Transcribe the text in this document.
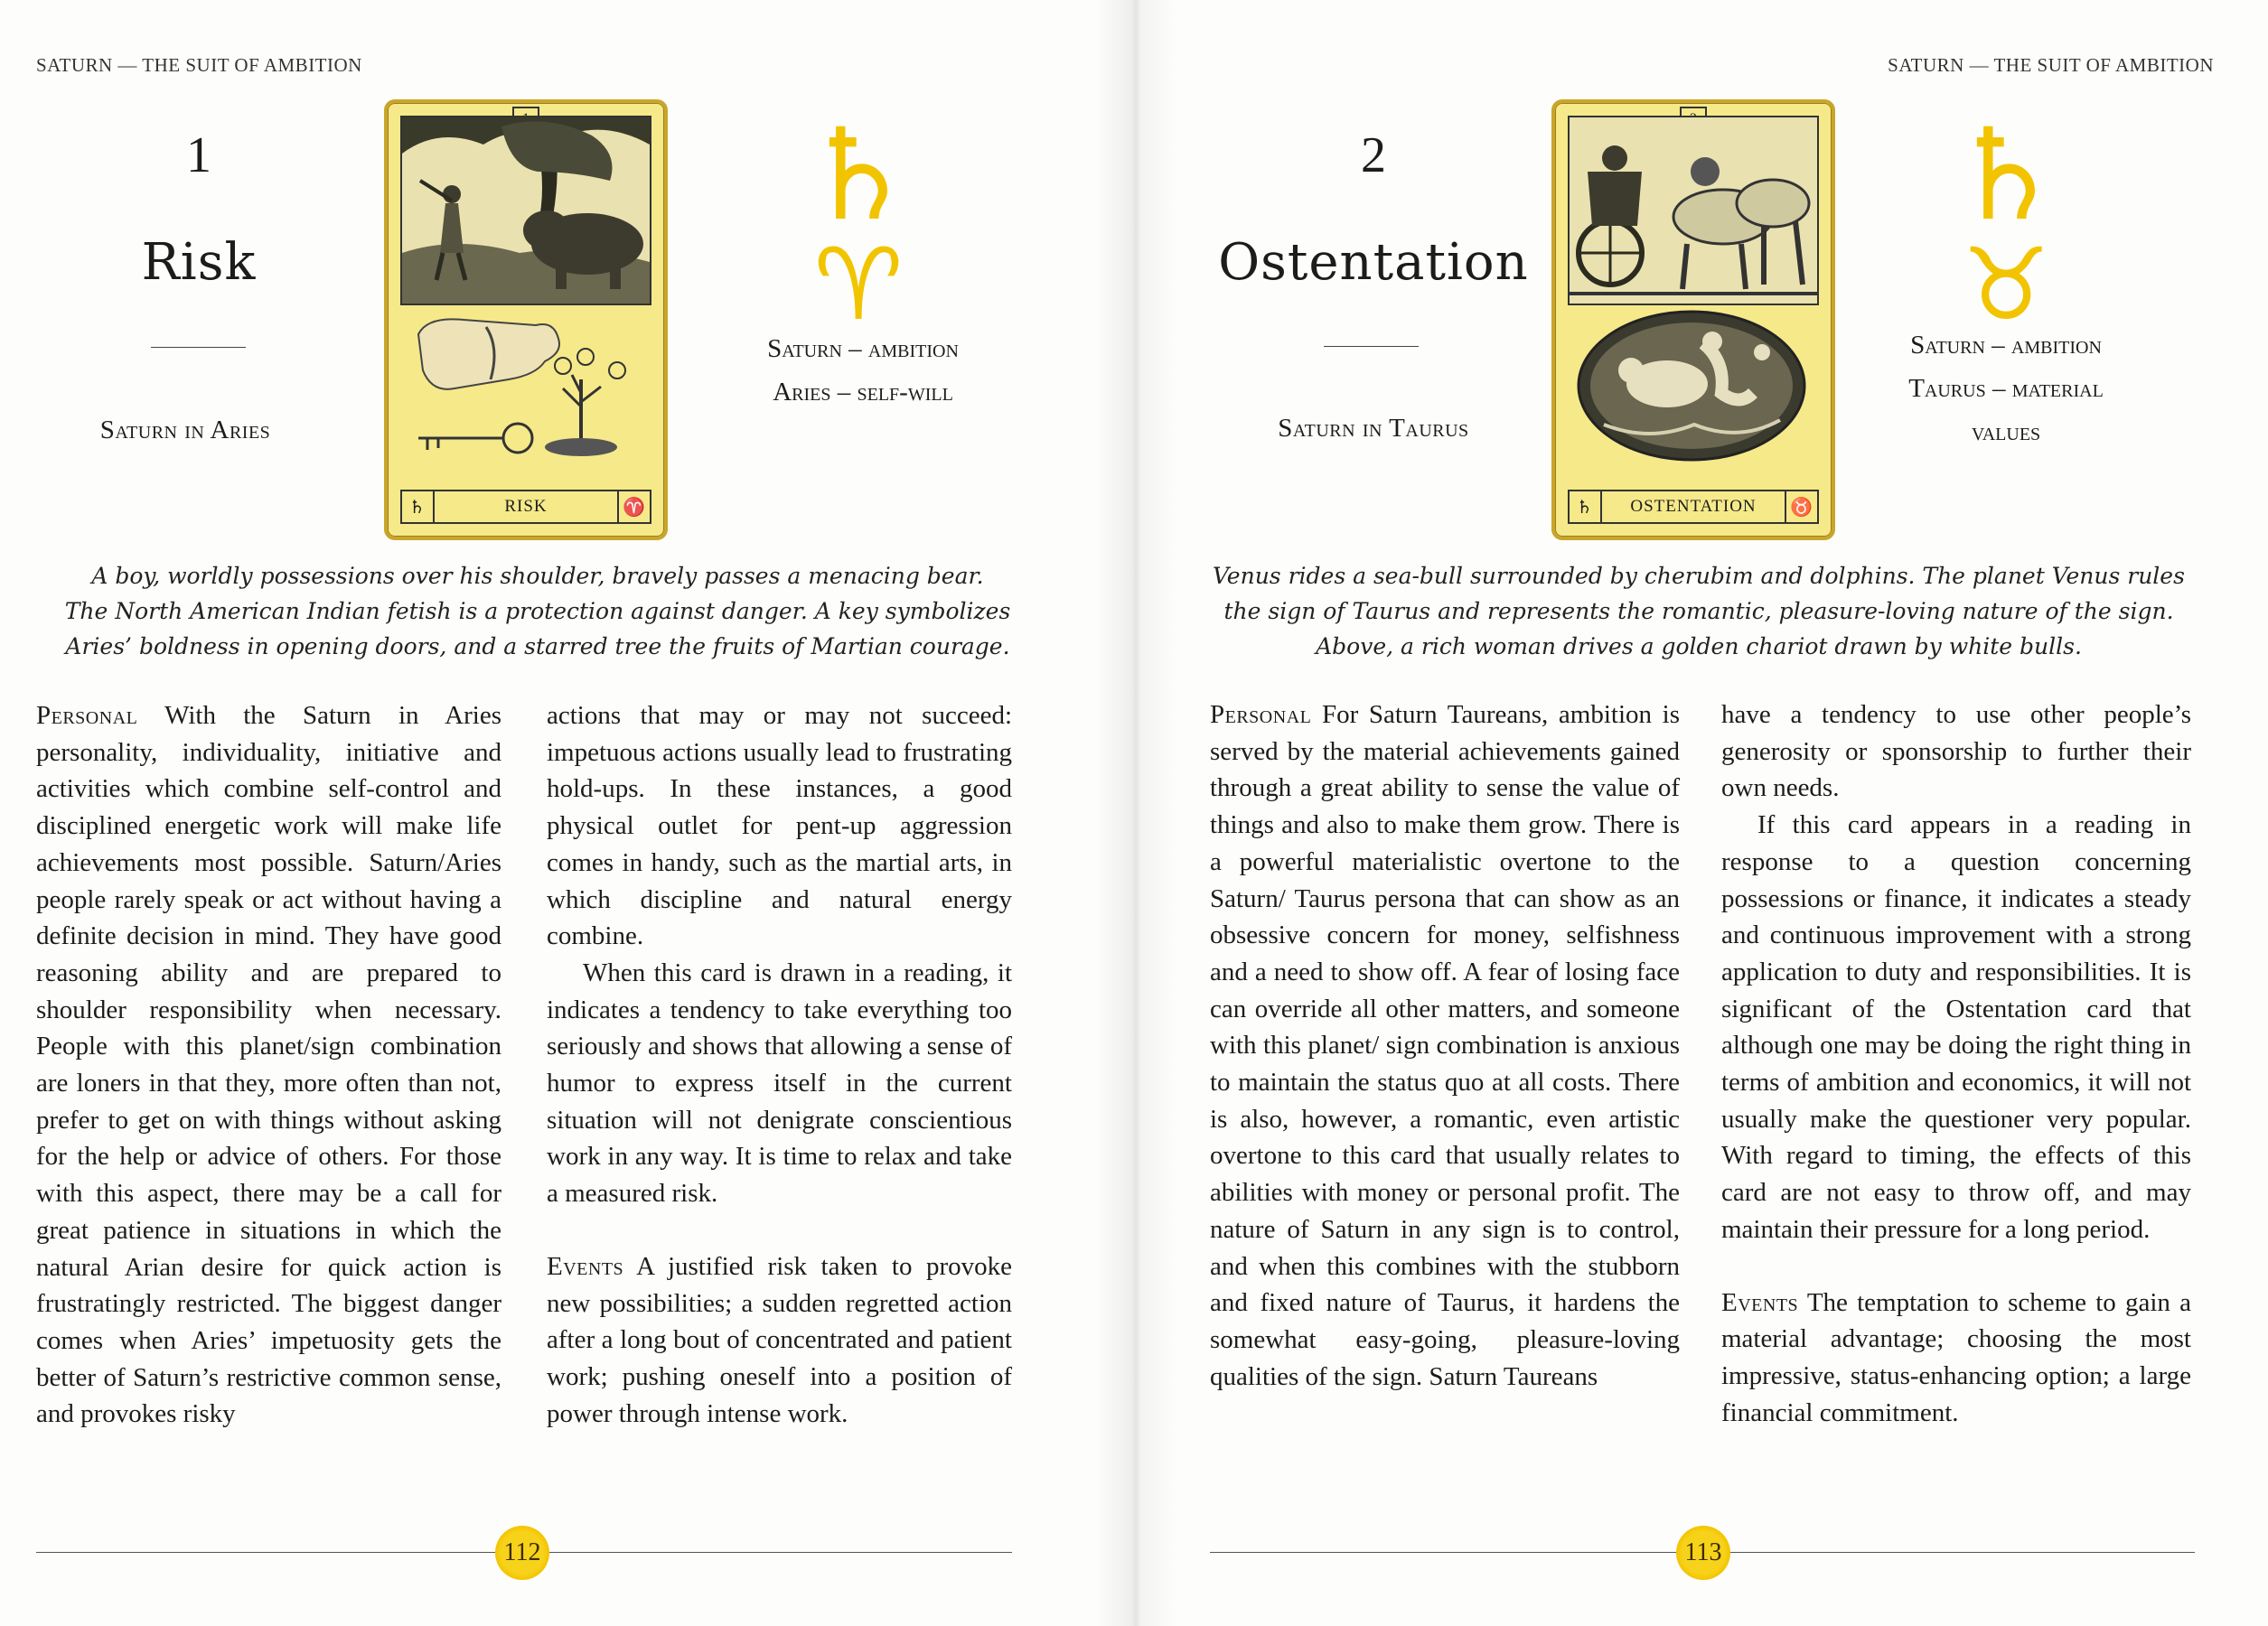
SATURN — THE SUIT OF AMBITION
1
Risk
Saturn in Aries
♄	RISK	♈
♄
♈
Saturn – ambition
Aries – self-will
A boy, worldly possessions over his shoulder, bravely passes a menacing bear.
The North American Indian fetish is a protection against danger. A key symbolizes
Aries’ boldness in opening doors, and a starred tree the fruits of Martian courage.

Personal With the Saturn in Aries personality, individuality, initiative and activities which combine self-control and disciplined energetic work will make life achievements most possible. Saturn/Aries people rarely speak or act without having a definite decision in mind. They have good reasoning ability and are prepared to shoulder responsibility when necessary. People with this planet/sign combination are loners in that they, more often than not, prefer to get on with things without asking for the help or advice of others. For those with this aspect, there may be a call for great patience in situations in which the natural Arian desire for quick action is frustratingly restricted. The biggest danger comes when Aries’ impetuosity gets the better of Saturn’s restrictive common sense, and provokes risky

actions that may or may not succeed: impetuous actions usually lead to frustrating hold-ups. In these instances, a good physical outlet for pent-up aggression comes in handy, such as the martial arts, in which discipline and natural energy combine.

When this card is drawn in a reading, it indicates a tendency to take everything too seriously and shows that allowing a sense of humor to express itself in the current situation will not denigrate conscientious work in any way. It is time to relax and take a measured risk.

Events A justified risk taken to provoke new possibilities; a sudden regretted action after a long bout of concentrated and patient work; pushing oneself into a position of power through intense work.

112
SATURN — THE SUIT OF AMBITION
2
Ostentation
Saturn in Taurus
♄	OSTENTATION	♉
♄
♉
Saturn – ambition
Taurus – material
values
Venus rides a sea-bull surrounded by cherubim and dolphins. The planet Venus rules
the sign of Taurus and represents the romantic, pleasure-loving nature of the sign.
Above, a rich woman drives a golden chariot drawn by white bulls.

Personal For Saturn Taureans, ambition is served by the material achievements gained through a great ability to sense the value of things and also to make them grow. There is a powerful materialistic overtone to the Saturn/ Taurus persona that can show as an obsessive concern for money, selfishness and a need to show off. A fear of losing face can override all other matters, and someone with this planet/ sign combination is anxious to maintain the status quo at all costs. There is also, however, a romantic, even artistic overtone to this card that usually relates to abilities with money or personal profit. The nature of Saturn in any sign is to control, and when this combines with the stubborn and fixed nature of Taurus, it hardens the somewhat easy-going, pleasure-loving qualities of the sign. Saturn Taureans

have a tendency to use other people’s generosity or sponsorship to further their own needs.

If this card appears in a reading in response to a question concerning possessions or finance, it indicates a steady and continuous improvement with a strong application to duty and responsibilities. It is significant of the Ostentation card that although one may be doing the right thing in terms of ambition and economics, it will not usually make the questioner very popular. With regard to timing, the effects of this card are not easy to throw off, and may maintain their pressure for a long period.

Events The temptation to scheme to gain a material advantage; choosing the most impressive, status-enhancing option; a large financial commitment.

113
